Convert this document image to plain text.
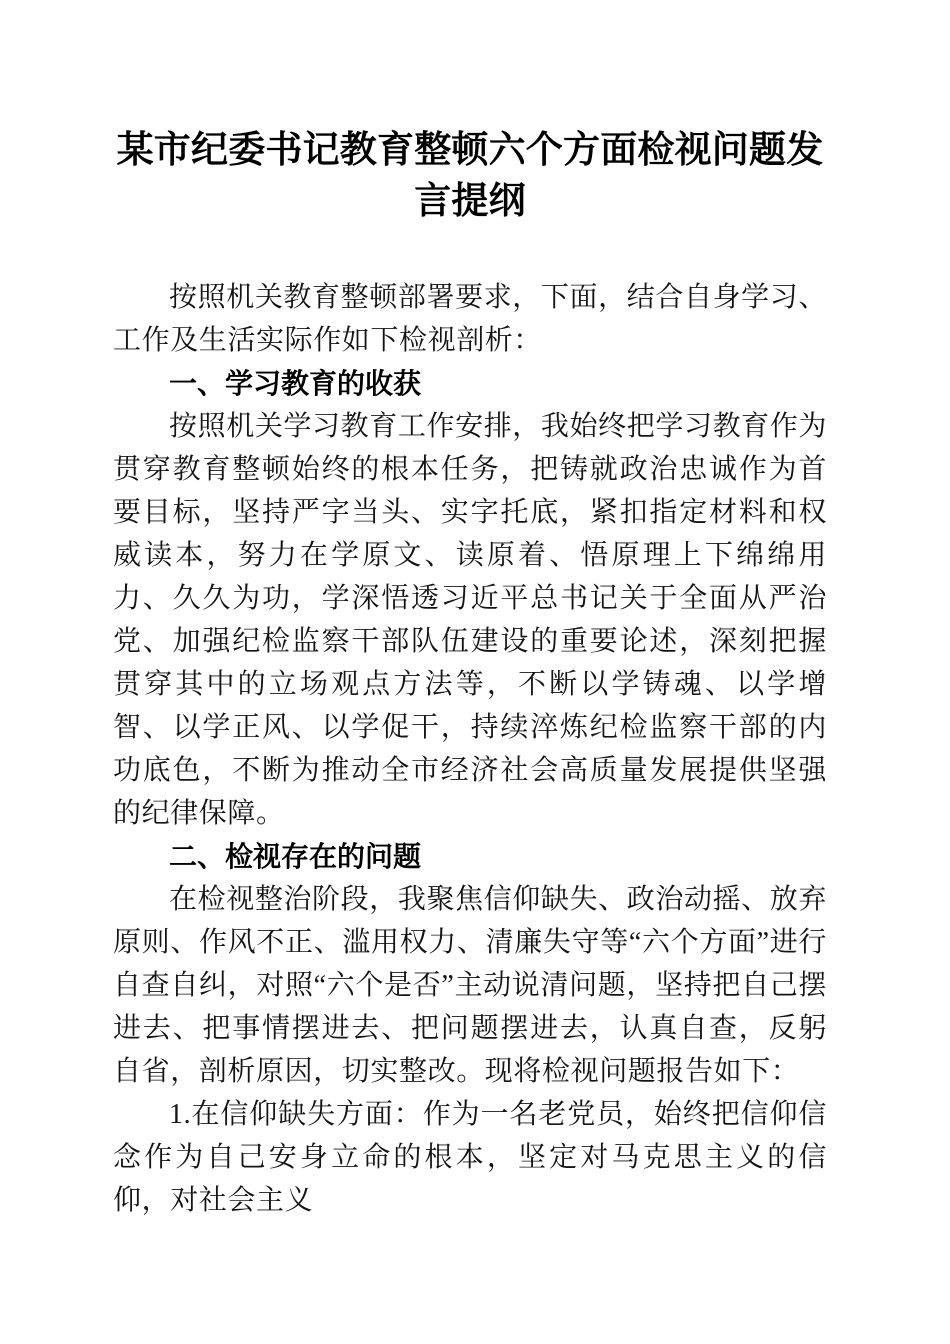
某市纪委书记教育整顿六个方面检视问题发言提纲

按照机关教育整顿部署要求，下面，结合自身学习、工作及生活实际作如下检视剖析：

一、学习教育的收获

按照机关学习教育工作安排，我始终把学习教育作为贯穿教育整顿始终的根本任务，把铸就政治忠诚作为首要目标，坚持严字当头、实字托底，紧扣指定材料和权威读本，努力在学原文、读原着、悟原理上下绵绵用力、久久为功，学深悟透习近平总书记关于全面从严治党、加强纪检监察干部队伍建设的重要论述，深刻把握贯穿其中的立场观点方法等，不断以学铸魂、以学增智、以学正风、以学促干，持续淬炼纪检监察干部的内功底色，不断为推动全市经济社会高质量发展提供坚强的纪律保障。

二、检视存在的问题

在检视整治阶段，我聚焦信仰缺失、政治动摇、放弃原则、作风不正、滥用权力、清廉失守等“六个方面”进行自查自纠，对照“六个是否”主动说清问题，坚持把自己摆进去、把事情摆进去、把问题摆进去，认真自查，反躬自省，剖析原因，切实整改。现将检视问题报告如下：

1.在信仰缺失方面：作为一名老党员，始终把信仰信念作为自己安身立命的根本，坚定对马克思主义的信仰，对社会主义
